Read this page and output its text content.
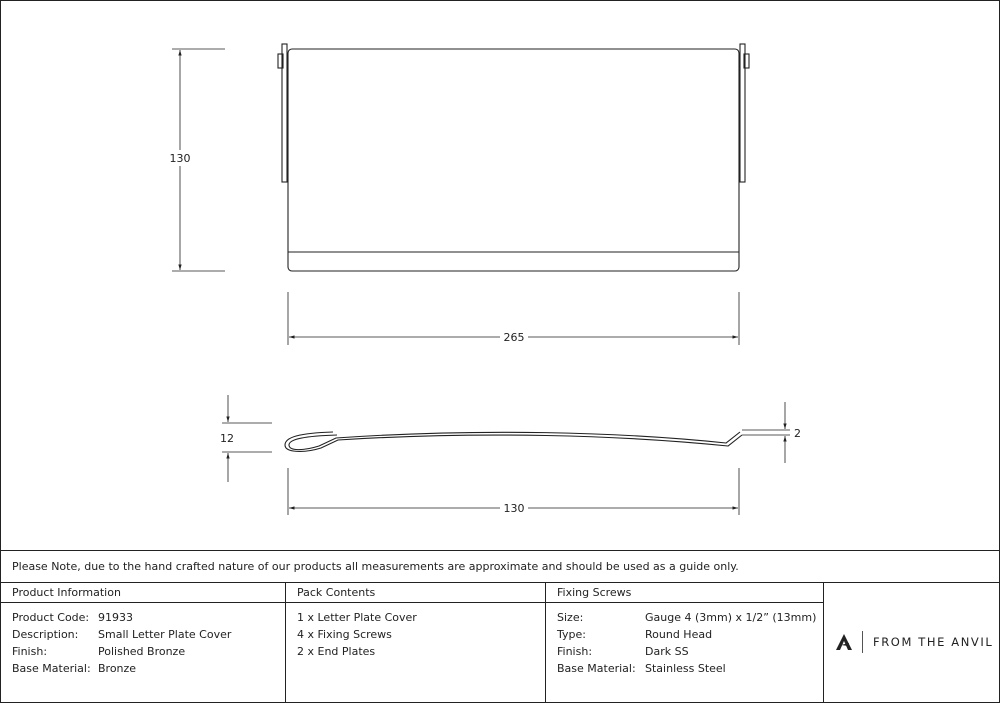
130
265
12	2
130
Please Note, due to the hand crafted nature of our products all measurements are approximate and should be used as a guide only.
Product Information
Product Code: 91933
Description: Small Letter Plate Cover
Finish:	Polished Bronze
Base Material: Bronze
Pack Contents
1 x Letter Plate Cover
4 x Fixing Screws
2 x End Plates
Fixing Screws
Size:	Gauge 4 (3mm) x 1/2” (13mm)
Type:	Round Head
Finish:	Dark SS
Base Material: Stainless Steel
FROM THE ANVIL
